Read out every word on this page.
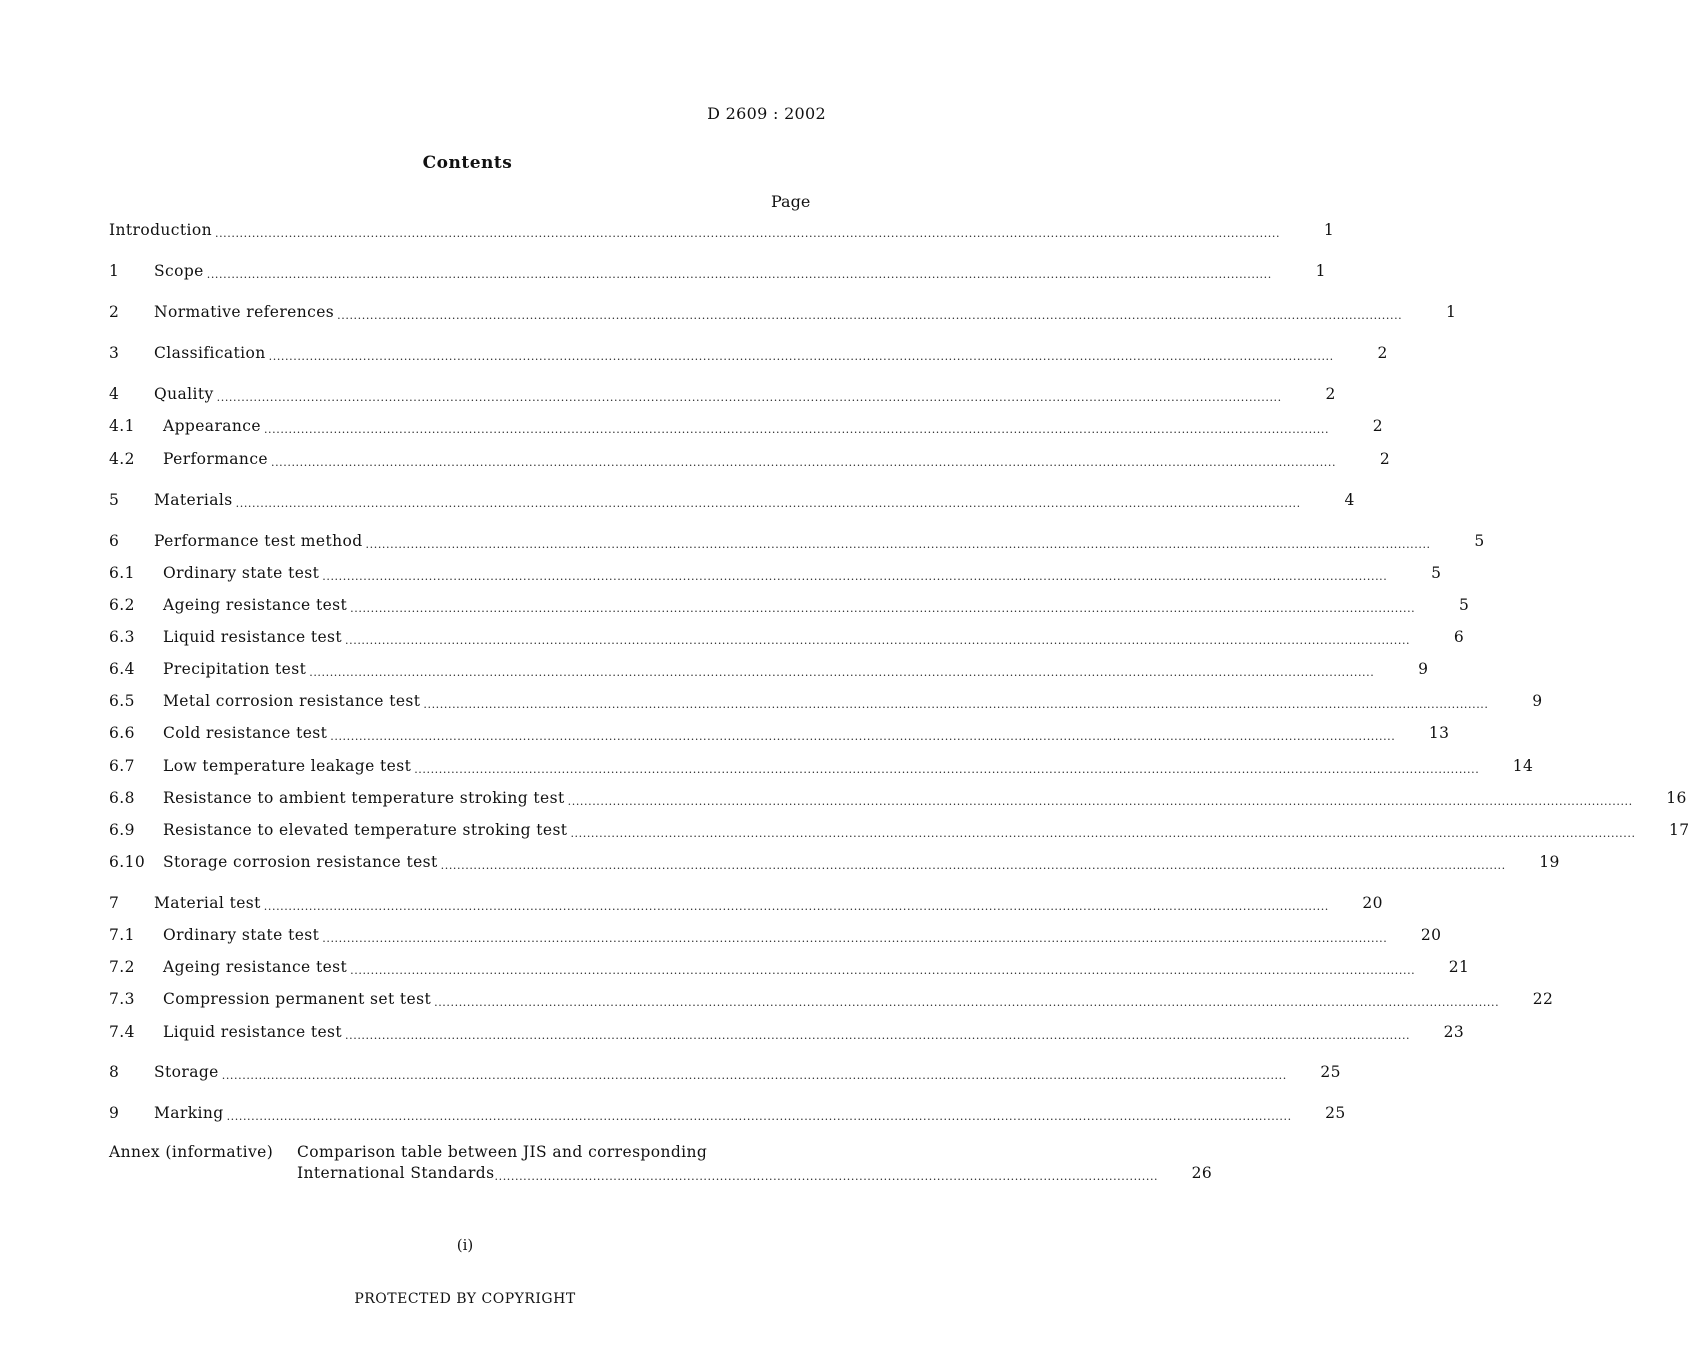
D 2609 : 2002
Contents
Page
Introduction ....................................................................................................................................................................................................................................................................	1
1	Scope ....................................................................................................................................................................................................................................................................	1
2	Normative references ....................................................................................................................................................................................................................................................................	1
3	Classification ....................................................................................................................................................................................................................................................................	2
4	Quality ....................................................................................................................................................................................................................................................................	2
4.1	Appearance ....................................................................................................................................................................................................................................................................	2
4.2	Performance ....................................................................................................................................................................................................................................................................	2
5	Materials ....................................................................................................................................................................................................................................................................	4
6	Performance test method ....................................................................................................................................................................................................................................................................	5
6.1	Ordinary state test ....................................................................................................................................................................................................................................................................	5
6.2	Ageing resistance test ....................................................................................................................................................................................................................................................................	5
6.3	Liquid resistance test ....................................................................................................................................................................................................................................................................	6
6.4	Precipitation test ....................................................................................................................................................................................................................................................................	9
6.5	Metal corrosion resistance test ....................................................................................................................................................................................................................................................................	9
6.6	Cold resistance test ....................................................................................................................................................................................................................................................................	13
6.7	Low temperature leakage test ....................................................................................................................................................................................................................................................................	14
6.8	Resistance to ambient temperature stroking test ....................................................................................................................................................................................................................................................................	16
6.9	Resistance to elevated temperature stroking test ....................................................................................................................................................................................................................................................................	17
6.10	Storage corrosion resistance test ....................................................................................................................................................................................................................................................................	19
7	Material test ....................................................................................................................................................................................................................................................................	20
7.1	Ordinary state test ....................................................................................................................................................................................................................................................................	20
7.2	Ageing resistance test ....................................................................................................................................................................................................................................................................	21
7.3	Compression permanent set test ....................................................................................................................................................................................................................................................................	22
7.4	Liquid resistance test ....................................................................................................................................................................................................................................................................	23
8	Storage ....................................................................................................................................................................................................................................................................	25
9	Marking ....................................................................................................................................................................................................................................................................	25
Annex (informative) Comparison table between JIS and corresponding
International Standards ..................................................................................................................................................................	26
(i)
PROTECTED BY COPYRIGHT
